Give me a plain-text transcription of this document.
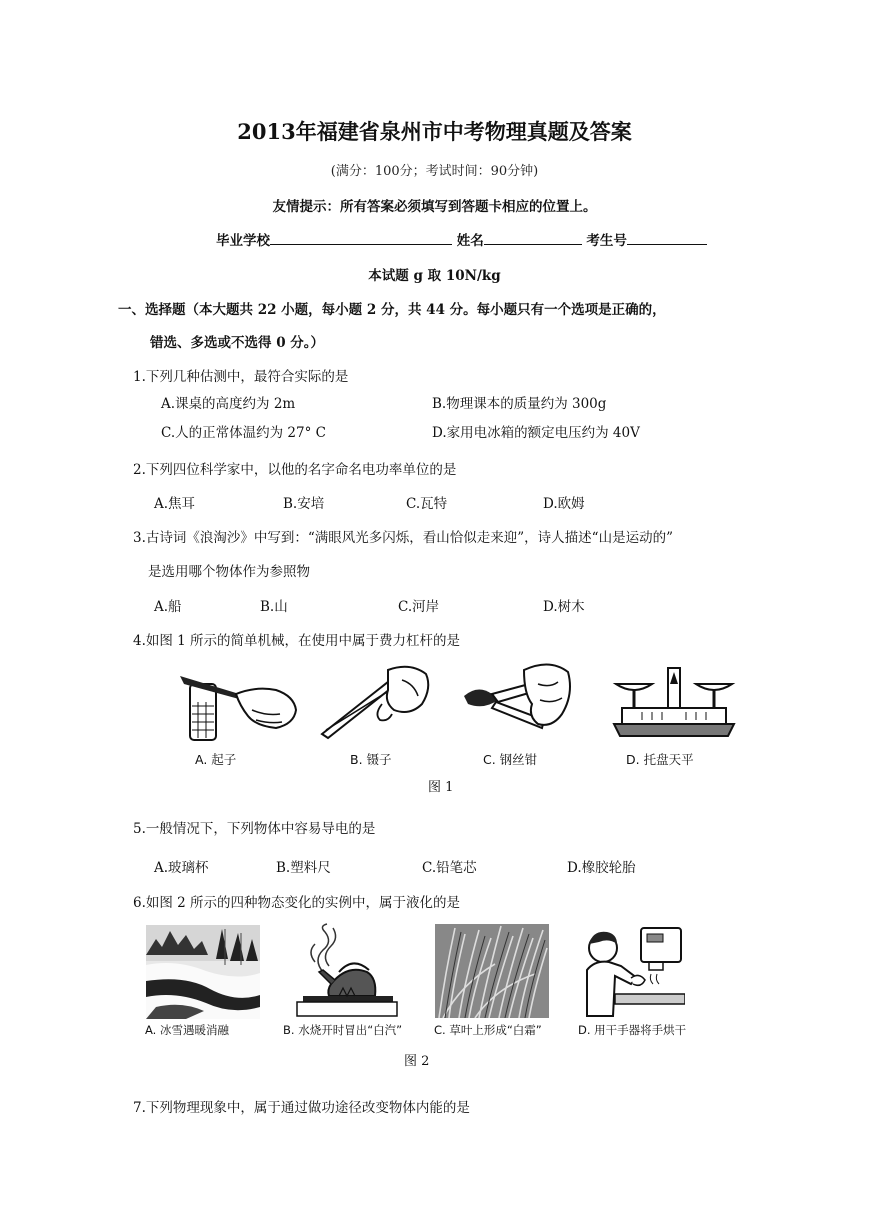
2013年福建省泉州市中考物理真题及答案
(满分：100分；考试时间：90分钟)
友情提示：所有答案必须填写到答题卡相应的位置上。
毕业学校	姓名	考生号
本试题 g 取 10N/kg
一、选择题（本大题共 22 小题，每小题 2 分，共 44 分。每小题只有一个选项是正确的，
错选、多选或不选得 0 分。）
1.下列几种估测中，最符合实际的是
A.课桌的高度约为 2m	B.物理课本的质量约为 300g
C.人的正常体温约为 27° C	D.家用电冰箱的额定电压约为 40V
2.下列四位科学家中，以他的名字命名电功率单位的是
A.焦耳	B.安培	C.瓦特	D.欧姆
3.古诗词《浪淘沙》中写到：“满眼风光多闪烁，看山恰似走来迎”，诗人描述“山是运动的”
是选用哪个物体作为参照物
A.船	B.山	C.河岸	D.树木
4.如图 1 所示的简单机械，在使用中属于费力杠杆的是
A. 起子	B. 镊子	C. 钢丝钳	D. 托盘天平
图 1
5.一般情况下，下列物体中容易导电的是
A.玻璃杯	B.塑料尺	C.铅笔芯	D.橡胶轮胎
6.如图 2 所示的四种物态变化的实例中，属于液化的是
A. 冰雪遇暖消融	B. 水烧开时冒出“白汽”	C. 草叶上形成“白霜”	D. 用干手器将手烘干
图 2
7.下列物理现象中，属于通过做功途径改变物体内能的是
